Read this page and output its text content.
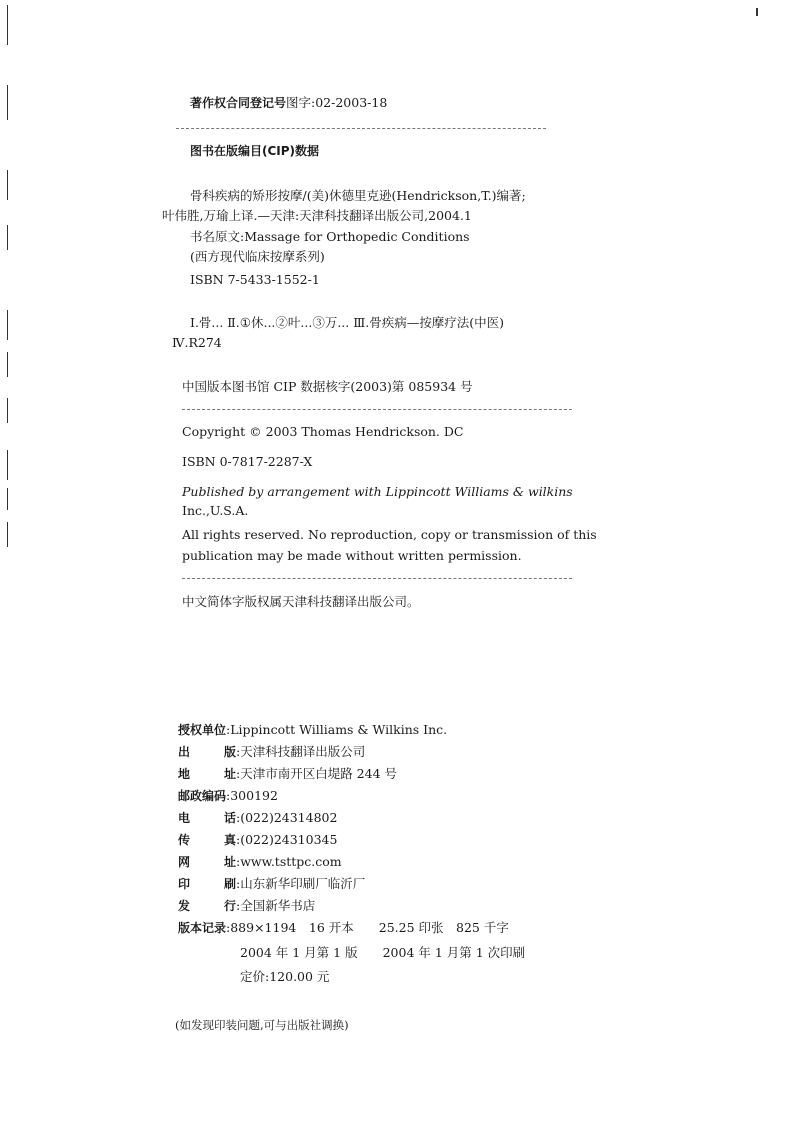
著作权合同登记号图字:02-2003-18
图书在版编目(CIP)数据
骨科疾病的矫形按摩/(美)休德里克逊(Hendrickson,T.)编著;
叶伟胜,万瑜上译.—天津:天津科技翻译出版公司,2004.1
书名原文:Massage for Orthopedic Conditions
(西方现代临床按摩系列)
ISBN 7-5433-1552-1
Ⅰ.骨... Ⅱ.①休...②叶...③万... Ⅲ.骨疾病—按摩疗法(中医)
Ⅳ.R274
中国版本图书馆 CIP 数据核字(2003)第 085934 号
Copyright © 2003 Thomas Hendrickson. DC
ISBN 0-7817-2287-X
Published by arrangement with Lippincott Williams & wilkins
Inc.,U.S.A.
All rights reserved. No reproduction, copy or transmission of this
publication may be made without written permission.
中文简体字版权属天津科技翻译出版公司。
授权单位:Lippincott Williams & Wilkins Inc.
出	版 :天津科技翻译出版公司
地	址 :天津市南开区白堤路 244 号
邮政编码:300192
电	话 :(022)24314802
传	真 :(022)24310345
网	址 :www.tsttpc.com
印	刷 :山东新华印刷厂临沂厂
发	行 :全国新华书店
版本记录:889×1194　16 开本　　25.25 印张　825 千字
2004 年 1 月第 1 版　　2004 年 1 月第 1 次印刷
定价:120.00 元
(如发现印装问题,可与出版社调换)
